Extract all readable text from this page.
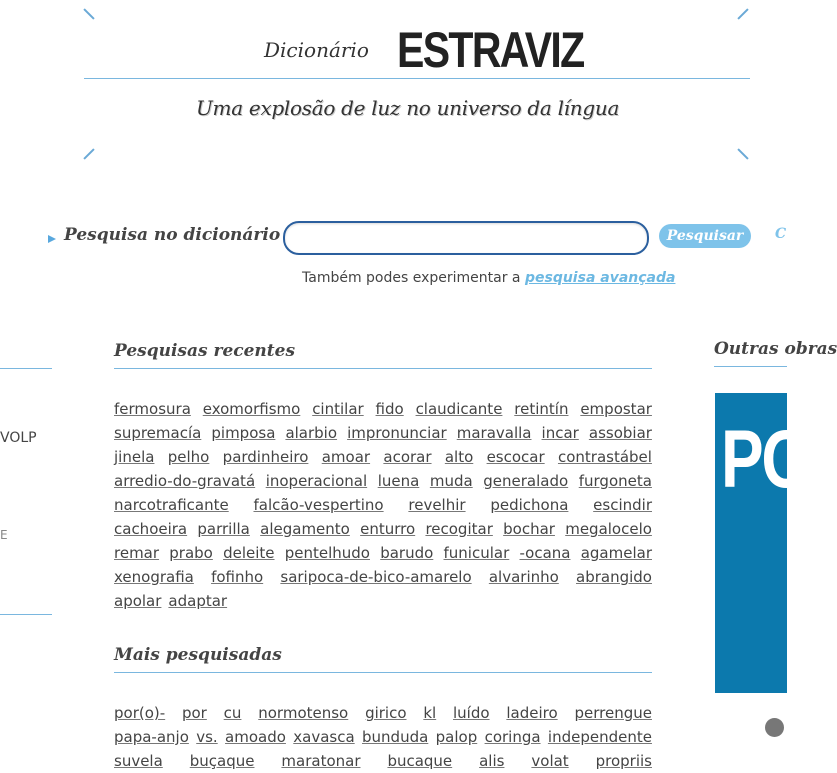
Dicionário ESTRAVIZ
Uma explosão de luz no universo da língua
Pesquisa no dicionário	Pesquisar	C
Também podes experimentar a pesquisa avançada
VOLP
Ε
Pesquisas recentes
fermosura exomorfismo cintilar fido claudicante retintín empostar
supremacía pimposa alarbio impronunciar maravalla incar assobiar
jinela pelho pardinheiro amoar acorar alto escocar contrastábel
arredio-do-gravatá inoperacional luena muda generalado furgoneta
narcotraficante falcão-vespertino revelhir pedichona escindir
cachoeira parrilla alegamento enturro recogitar bochar megalocelo
remar prabo deleite pentelhudo barudo funicular -ocana agamelar
xenografia fofinho saripoca-de-bico-amarelo alvarinho abrangido
apolar adaptar
Mais pesquisadas
por(o)- por cu normotenso girico kl luído ladeiro perrengue
papa-anjo vs. amoado xavasca bunduda palop coringa independente
suvela buçaque maratonar bucaque alis volat propriis
Outras obras
PO
